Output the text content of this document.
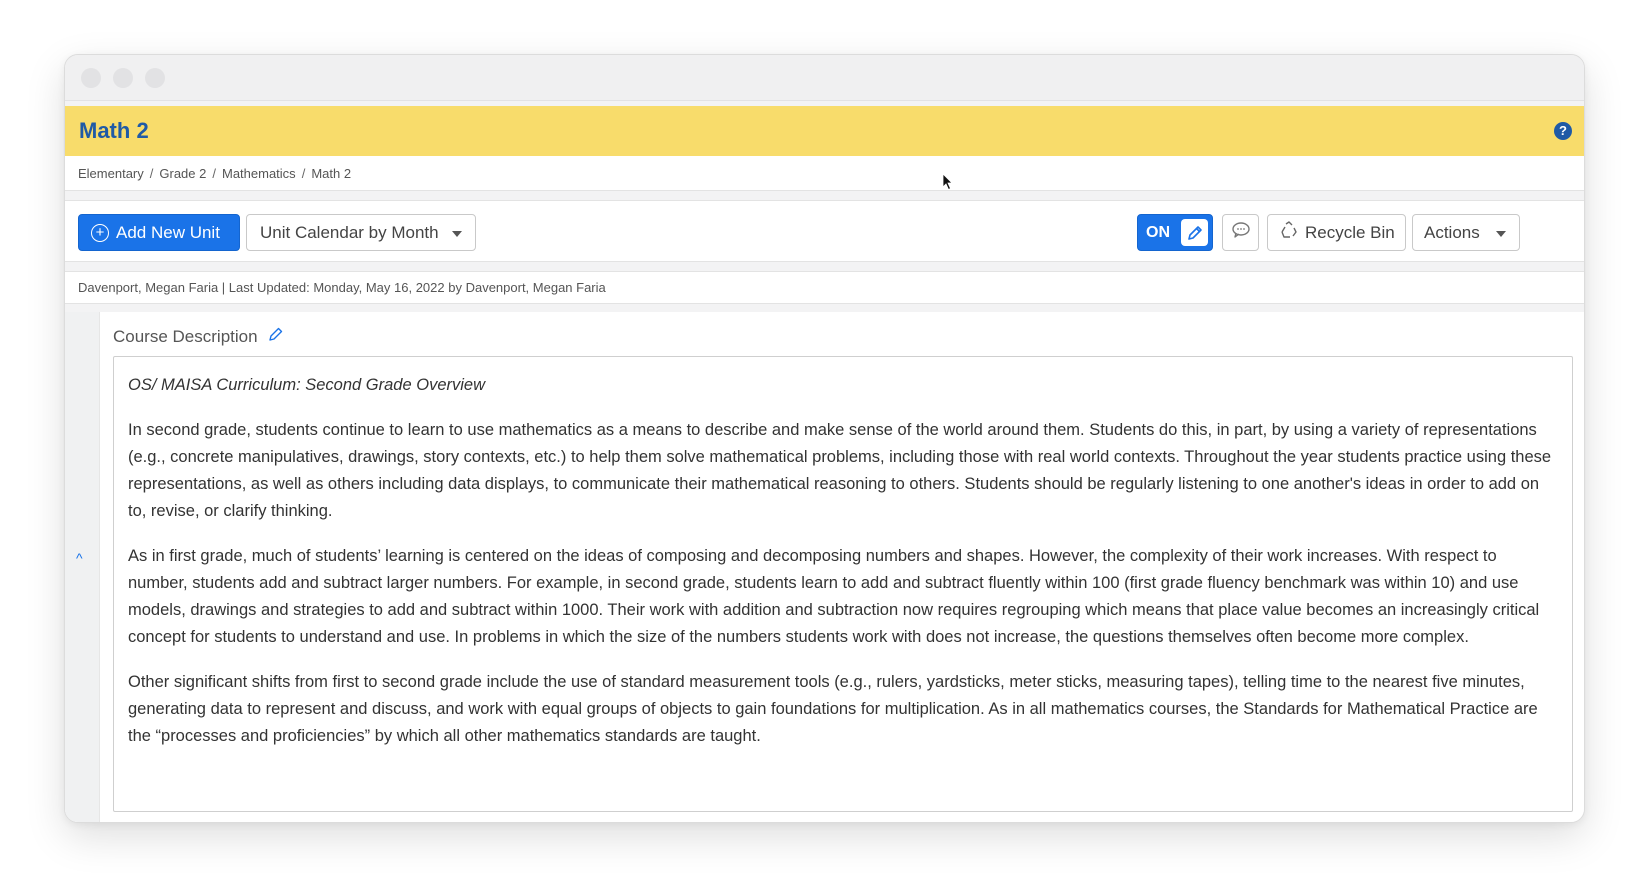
Math 2	?
Elementary / Grade 2 / Mathematics / Math 2
+ Add New Unit Unit Calendar by Month	ON	Recycle Bin Actions
Davenport, Megan Faria | Last Updated: Monday, May 16, 2022 by Davenport, Megan Faria
^
Course Description

OS/ MAISA Curriculum: Second Grade Overview

In second grade, students continue to learn to use mathematics as a means to describe and make sense of the world around them. Students do this, in part, by using a variety of representations (e.g., concrete manipulatives, drawings, story contexts, etc.) to help them solve mathematical problems, including those with real world contexts. Throughout the year students practice using these representations, as well as others including data displays, to communicate their mathematical reasoning to others. Students should be regularly listening to one another's ideas in order to add on to, revise, or clarify thinking.

As in first grade, much of students’ learning is centered on the ideas of composing and decomposing numbers and shapes. However, the complexity of their work increases. With respect to number, students add and subtract larger numbers. For example, in second grade, students learn to add and subtract fluently within 100 (first grade fluency benchmark was within 10) and use models, drawings and strategies to add and subtract within 1000. Their work with addition and subtraction now requires regrouping which means that place value becomes an increasingly critical concept for students to understand and use. In problems in which the size of the numbers students work with does not increase, the questions themselves often become more complex.

Other significant shifts from first to second grade include the use of standard measurement tools (e.g., rulers, yardsticks, meter sticks, measuring tapes), telling time to the nearest five minutes, generating data to represent and discuss, and work with equal groups of objects to gain foundations for multiplication. As in all mathematics courses, the Standards for Mathematical Practice are the “processes and proficiencies” by which all other mathematics standards are taught.
